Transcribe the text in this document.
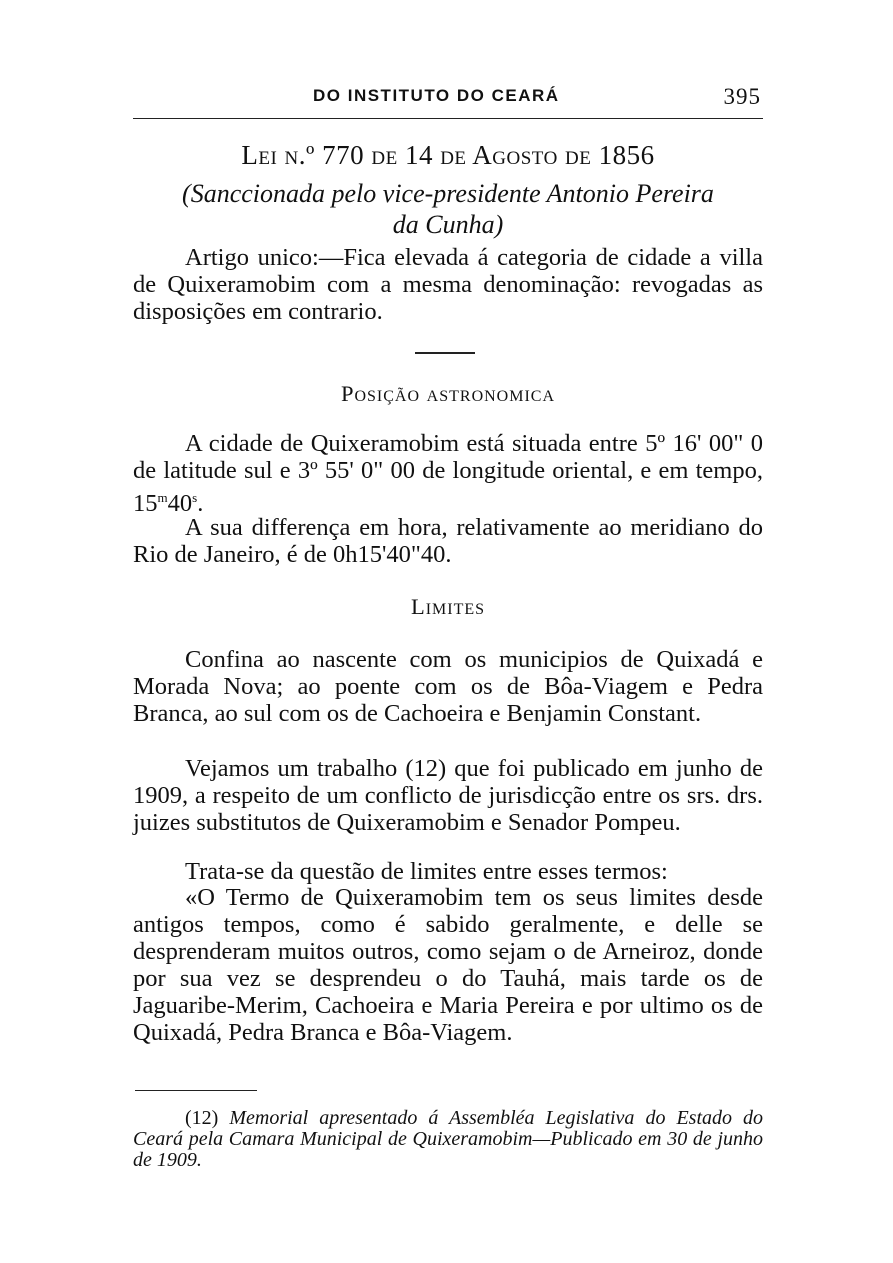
DO INSTITUTO DO CEARÁ	395
Lei n.º 770 de 14 de Agosto de 1856
(Sanccionada pelo vice-presidente Antonio Pereira
da Cunha)
Artigo unico:—Fica elevada á categoria de cidade a villa de Quixeramobim com a mesma denominação: revogadas as disposições em contrario.
Posição astronomica
A cidade de Quixeramobim está situada entre 5º 16' 00" 0 de latitude sul e 3º 55' 0" 00 de longitude oriental, e em tempo, 15$^m$40$^s$.
A sua differença em hora, relativamente ao meridiano do Rio de Janeiro, é de 0h15'40"40.
Limites
Confina ao nascente com os municipios de Quixadá e Morada Nova; ao poente com os de Bôa-Viagem e Pedra Branca, ao sul com os de Cachoeira e Benjamin Constant.
Vejamos um trabalho (12) que foi publicado em junho de 1909, a respeito de um conflicto de jurisdicção entre os srs. drs. juizes substitutos de Quixeramobim e Senador Pompeu.
Trata-se da questão de limites entre esses termos:
«O Termo de Quixeramobim tem os seus limites desde antigos tempos, como é sabido geralmente, e delle se desprenderam muitos outros, como sejam o de Arneiroz, donde por sua vez se desprendeu o do Tauhá, mais tarde os de Jaguaribe-Merim, Cachoeira e Maria Pereira e por ultimo os de Quixadá, Pedra Branca e Bôa-Viagem.
(12) Memorial apresentado á Assembléa Legislativa do Estado do Ceará pela Camara Municipal de Quixeramobim—Publicado em 30 de junho de 1909.
